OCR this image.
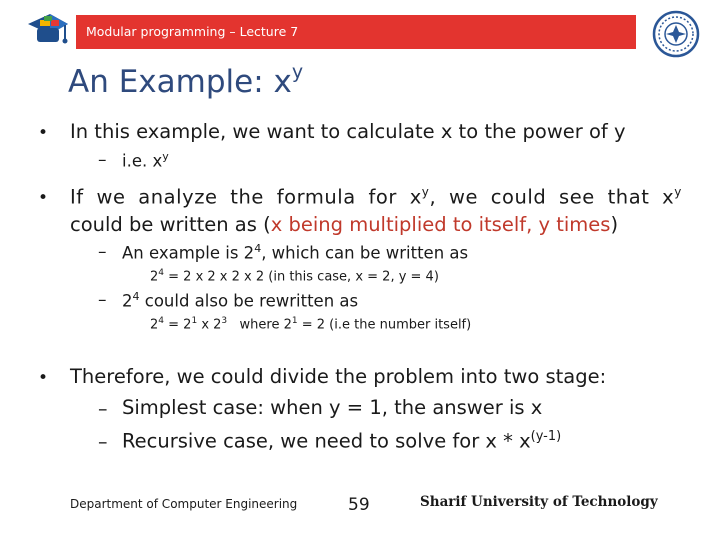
Modular programming – Lecture 7
An Example: $x^y$
• In this example, we want to calculate x to the power of y
– i.e. $x^y$
• If we analyze the formula for $x^y$, we could see that $x^y$
could be written as (x being multiplied to itself, y times)
– An example is $2^4$, which can be written as
$2^4 = 2$ x 2 x 2 x 2 (in this case, x = 2, y = 4)
– $2^4$ could also be rewritten as
$2^4 = 2^1$ x $2^3$   where $2^1 = 2$ (i.e the number itself)
• Therefore, we could divide the problem into two stage:
– Simplest case: when y = 1, the answer is x
– Recursive case, we need to solve for x * $x^{(y-1)}$
Department of Computer Engineering	59	Sharif University of Technology
